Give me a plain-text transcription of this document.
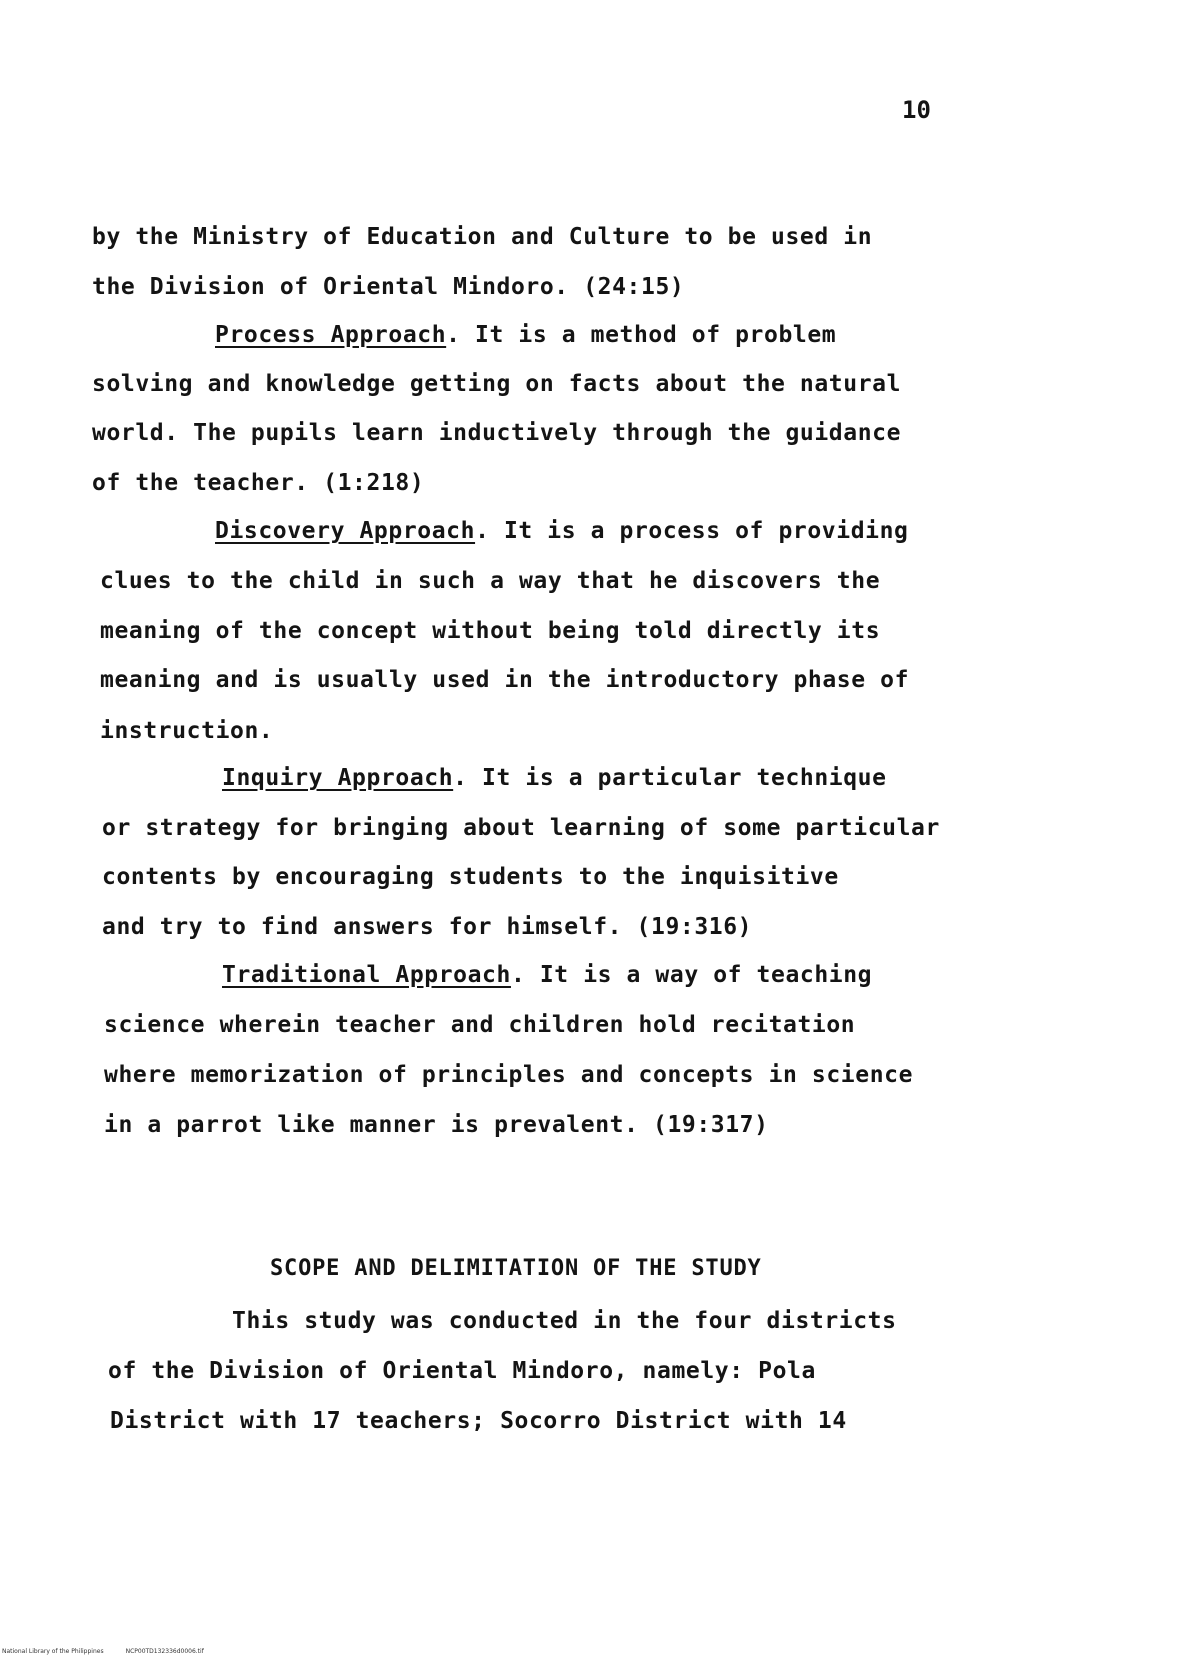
10
by the Ministry of Education and Culture to be used in
the Division of Oriental Mindoro. (24:15)
Process Approach. It is a method of problem
solving and knowledge getting on facts about the natural
world. The pupils learn inductively through the guidance
of the teacher. (1:218)
Discovery Approach. It is a process of providing
clues to the child in such a way that he discovers the
meaning of the concept without being told directly its
meaning and is usually used in the introductory phase of
instruction.
Inquiry Approach. It is a particular technique
or strategy for bringing about learning of some particular
contents by encouraging students to the inquisitive
and try to find answers for himself. (19:316)
Traditional Approach. It is a way of teaching
science wherein teacher and children hold recitation
where memorization of principles and concepts in science
in a parrot like manner is prevalent. (19:317)
SCOPE AND DELIMITATION OF THE STUDY
This study was conducted in the four districts
of the Division of Oriental Mindoro, namely: Pola
District with 17 teachers; Socorro District with 14
National Library of the Philippines	NCP00TD132336d0006.tif
